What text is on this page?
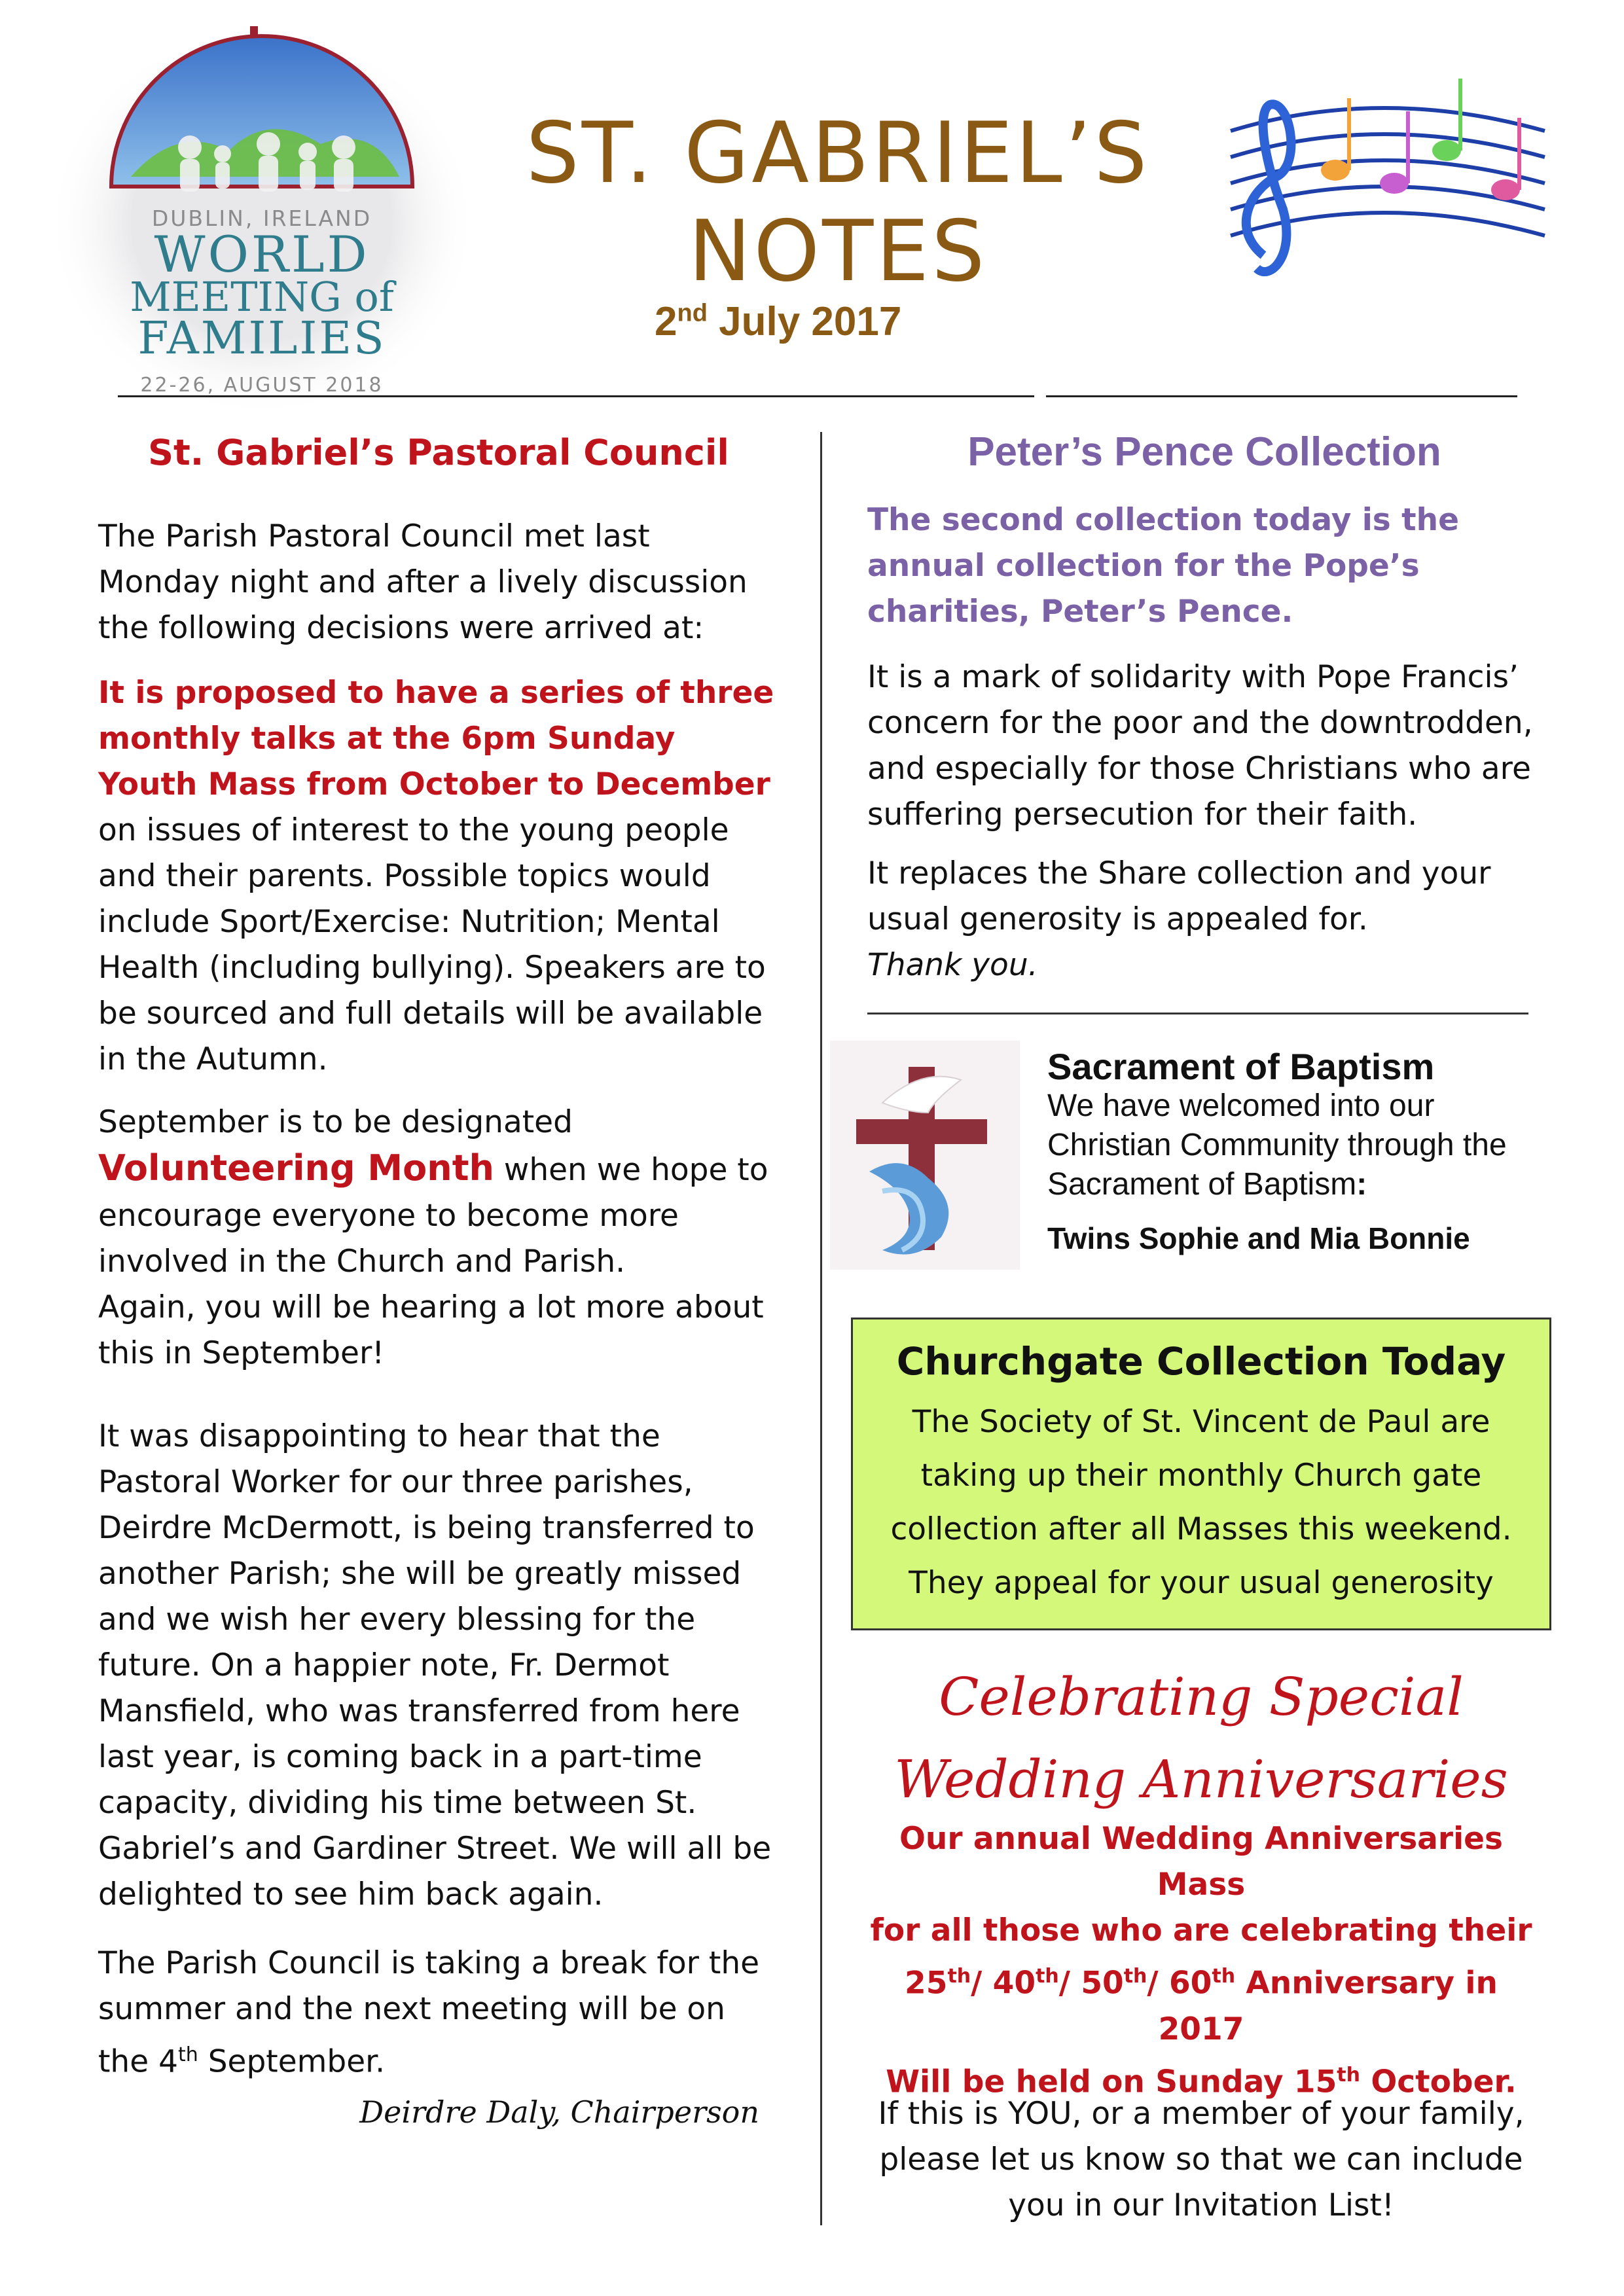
DUBLIN, IRELAND
WORLD
MEETING of
FAMILIES
22-26, AUGUST 2018
ST. GABRIEL’S
NOTES
2nd July 2017
St. Gabriel’s Pastoral Council

The Parish Pastoral Council met last Monday night and after a lively discussion the following decisions were arrived at:

It is proposed to have a series of three monthly talks at the 6pm Sunday Youth Mass from October to December

on issues of interest to the young people and their parents. Possible topics would include Sport/Exercise: Nutrition; Mental Health (including bullying). Speakers are to be sourced and full details will be available in the Autumn.

September is to be designated

Volunteering Month when we hope to encourage everyone to become more involved in the Church and Parish.

Again, you will be hearing a lot more about this in September!

It was disappointing to hear that the Pastoral Worker for our three parishes, Deirdre McDermott, is being transferred to another Parish; she will be greatly missed and we wish her every blessing for the future. On a happier note, Fr. Dermot Mansfield, who was transferred from here last year, is coming back in a part-time capacity, dividing his time between St. Gabriel’s and Gardiner Street. We will all be delighted to see him back again.

The Parish Council is taking a break for the summer and the next meeting will be on the 4th September.

Deirdre Daly, Chairperson
Peter’s Pence Collection

The second collection today is the annual collection for the Pope’s charities, Peter’s Pence.

It is a mark of solidarity with Pope Francis’ concern for the poor and the downtrodden, and especially for those Christians who are suffering persecution for their faith.

It replaces the Share collection and your usual generosity is appealed for.

Thank you.

Sacrament of Baptism
We have welcomed into our Christian Community through the Sacrament of Baptism:
Twins Sophie and Mia Bonnie
Churchgate Collection Today
The Society of St. Vincent de Paul are
taking up their monthly Church gate
collection after all Masses this weekend.
They appeal for your usual generosity
Celebrating Special
Wedding Anniversaries
Our annual Wedding Anniversaries Mass
for all those who are celebrating their
25th/ 40th/ 50th/ 60th Anniversary in
2017
Will be held on Sunday 15th October.
If this is YOU, or a member of your family,
please let us know so that we can include
you in our Invitation List!
